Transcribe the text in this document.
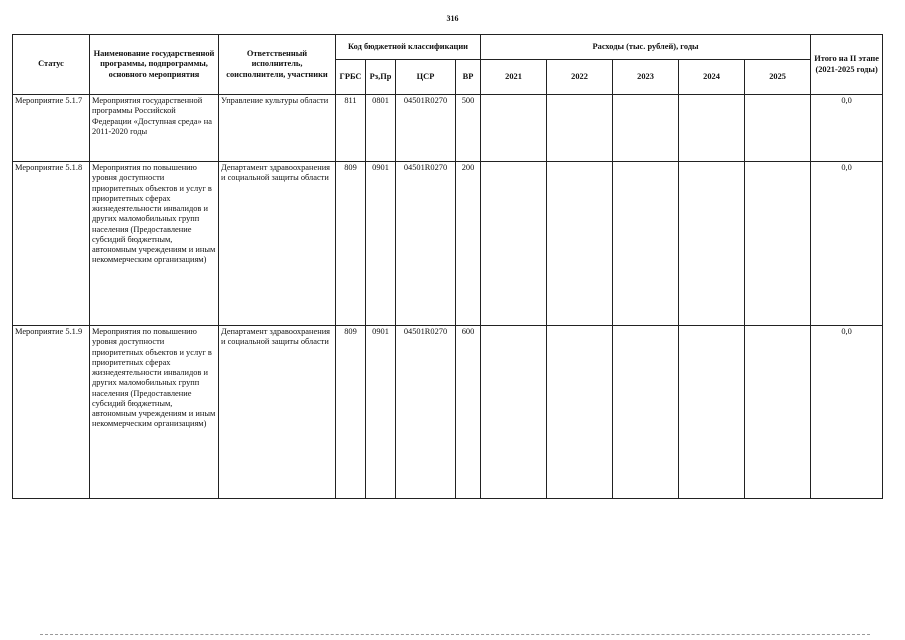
316
Статус	Наименование государственной программы, подпрограммы, основного мероприятия	Ответственный исполнитель, соисполнители, участники	Код бюджетной классификации				Расходы (тыс. рублей), годы					Итого на II этапе (2021-2025 годы)
			ГРБС	Рз,Пр	ЦСР	ВР	2021	2022	2023	2024	2025	
Мероприятие 5.1.7	Мероприятия государственной программы Российской Федерации «Доступная среда» на 2011-2020 годы	Управление культуры области	811	0801	04501R0270	500						0,0
Мероприятие 5.1.8	Мероприятия по повышению уровня доступности приоритетных объектов и услуг в приоритетных сферах жизнедеятельности инвалидов и других маломобильных групп населения (Предоставление субсидий бюджетным, автономным учреждениям и иным некоммерческим организациям)	Департамент здравоохранения и социальной защиты области	809	0901	04501R0270	200						0,0
Мероприятие 5.1.9	Мероприятия по повышению уровня доступности приоритетных объектов и услуг в приоритетных сферах жизнедеятельности инвалидов и других маломобильных групп населения (Предоставление субсидий бюджетным, автономным учреждениям и иным некоммерческим организациям)	Департамент здравоохранения и социальной защиты области	809	0901	04501R0270	600						0,0
